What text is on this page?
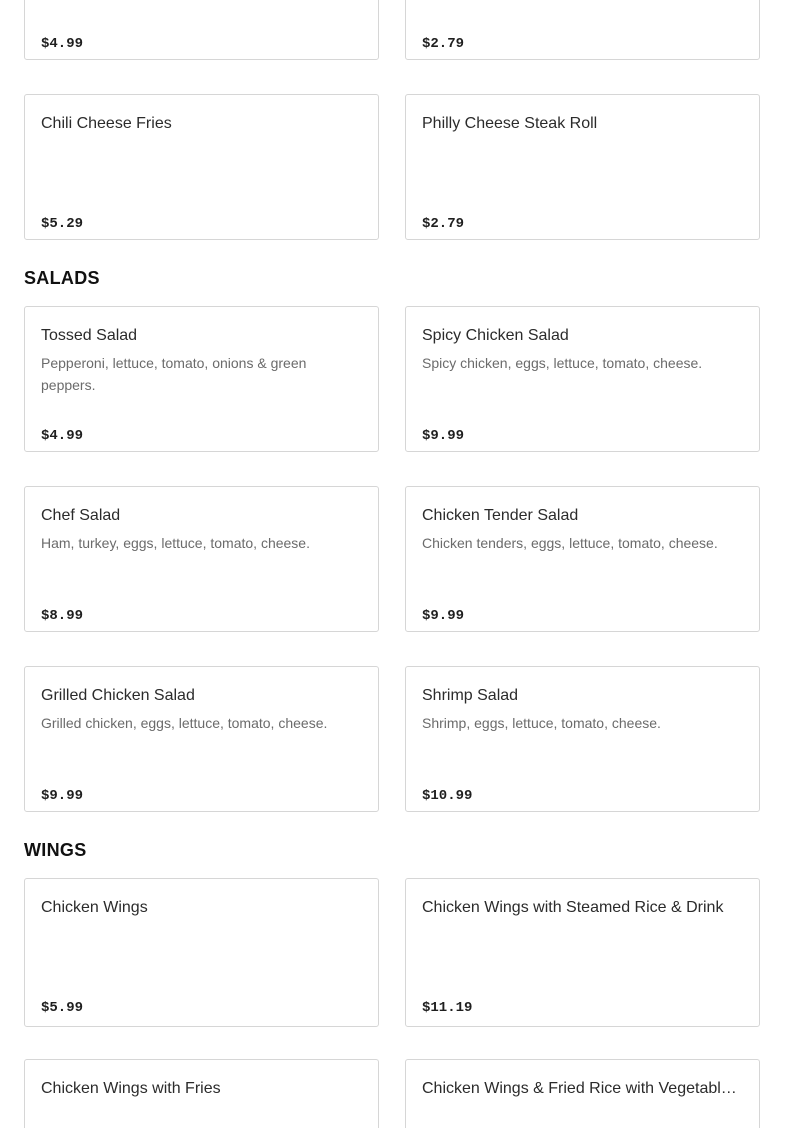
$4.99	$2.79
Chili Cheese Fries
$5.29
Philly Cheese Steak Roll
$2.79
SALADS
Tossed Salad
Pepperoni, lettuce, tomato, onions & green peppers.
$4.99
Spicy Chicken Salad
Spicy chicken, eggs, lettuce, tomato, cheese.
$9.99
Chef Salad
Ham, turkey, eggs, lettuce, tomato, cheese.
$8.99
Chicken Tender Salad
Chicken tenders, eggs, lettuce, tomato, cheese.
$9.99
Grilled Chicken Salad
Grilled chicken, eggs, lettuce, tomato, cheese.
$9.99
Shrimp Salad
Shrimp, eggs, lettuce, tomato, cheese.
$10.99
WINGS
Chicken Wings
$5.99
Chicken Wings with Steamed Rice & Drink
$11.19
Chicken Wings with Fries	Chicken Wings & Fried Rice with Vegetabl…
